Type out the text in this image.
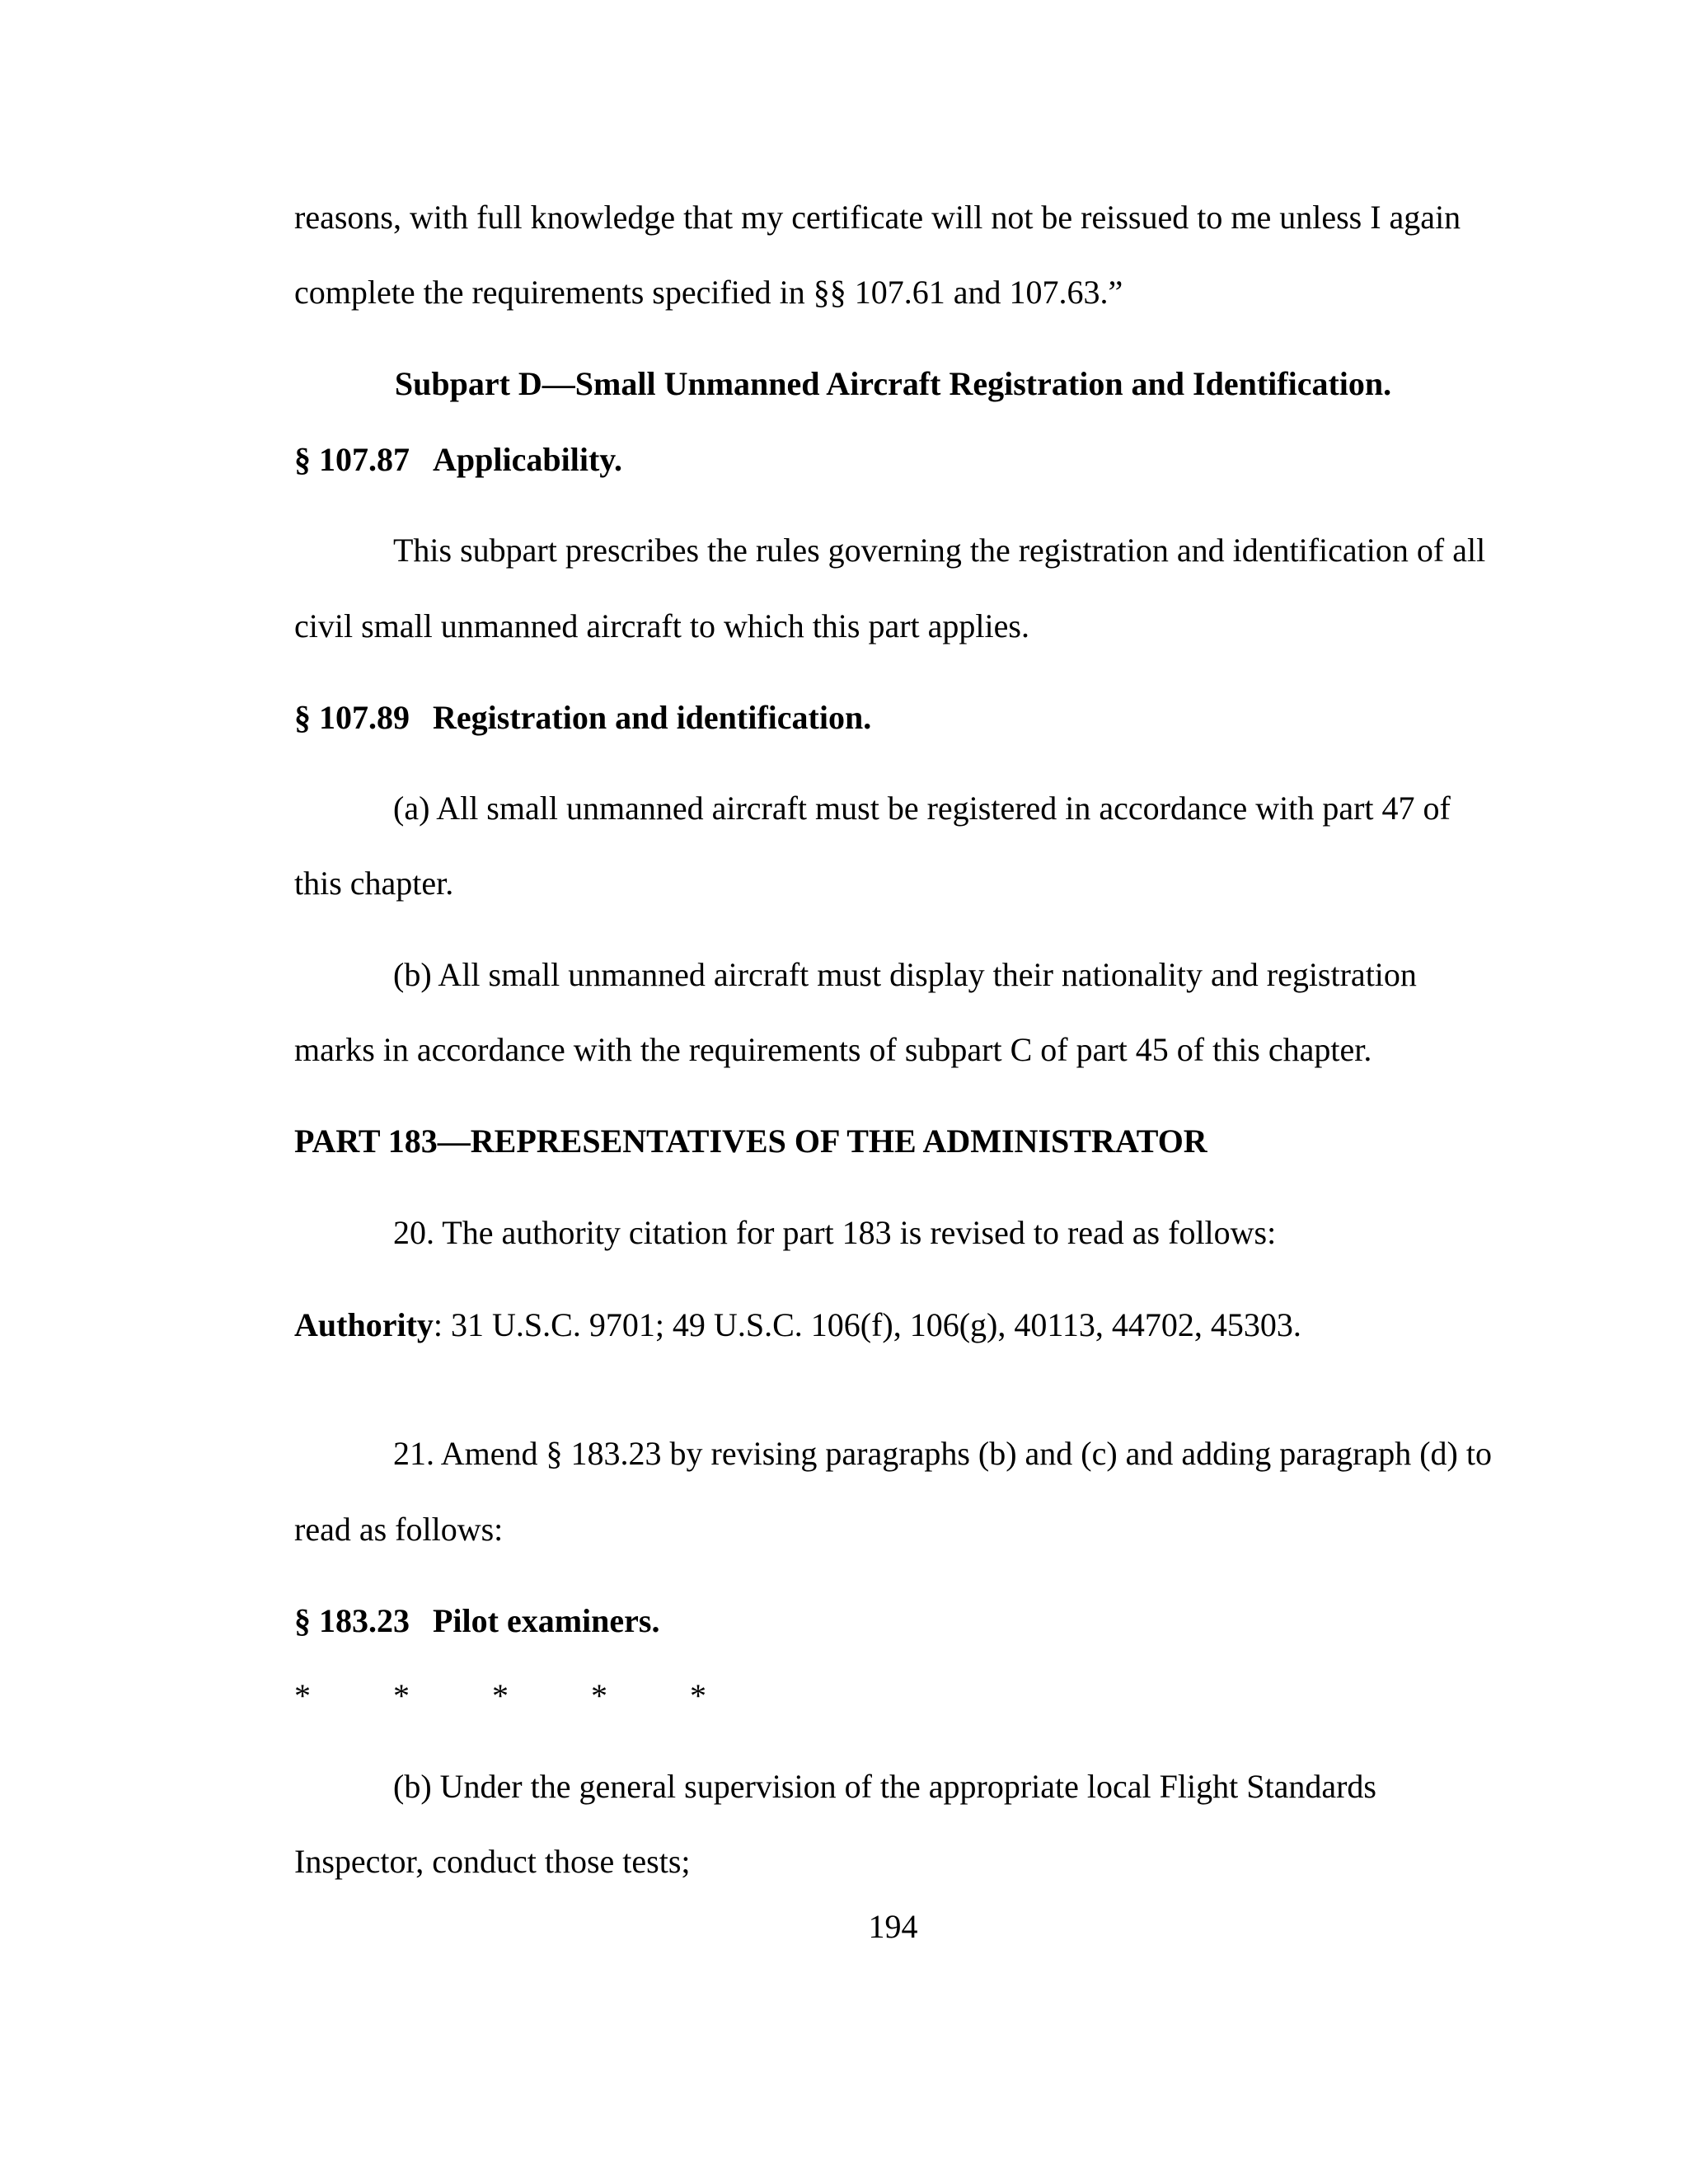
reasons, with full knowledge that my certificate will not be reissued to me unless I again
complete the requirements specified in §§ 107.61 and 107.63.”
Subpart D—Small Unmanned Aircraft Registration and Identification.
§ 107.87 Applicability.
This subpart prescribes the rules governing the registration and identification of all
civil small unmanned aircraft to which this part applies.
§ 107.89 Registration and identification.
(a) All small unmanned aircraft must be registered in accordance with part 47 of
this chapter.
(b) All small unmanned aircraft must display their nationality and registration
marks in accordance with the requirements of subpart C of part 45 of this chapter.
PART 183—REPRESENTATIVES OF THE ADMINISTRATOR
20. The authority citation for part 183 is revised to read as follows:
Authority: 31 U.S.C. 9701; 49 U.S.C. 106(f), 106(g), 40113, 44702, 45303.
21. Amend § 183.23 by revising paragraphs (b) and (c) and adding paragraph (d) to
read as follows:
§ 183.23 Pilot examiners.
*	*	*	*	*
(b) Under the general supervision of the appropriate local Flight Standards
Inspector, conduct those tests;
194
